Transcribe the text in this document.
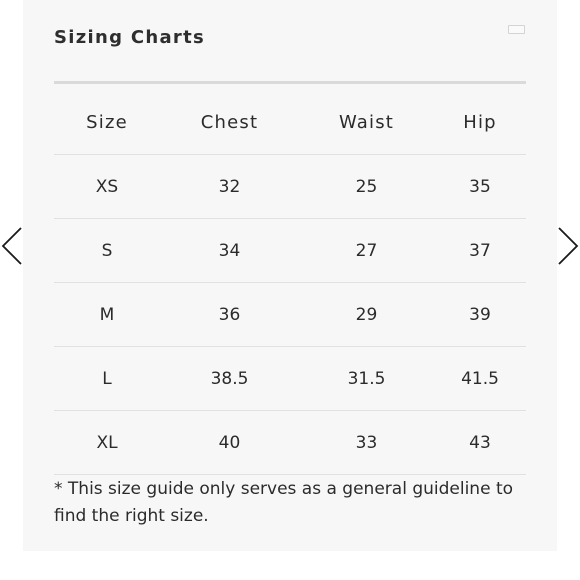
Sizing Charts
Size	Chest	Waist	Hip
XS	32	25	35
S	34	27	37
M	36	29	39
L	38.5	31.5	41.5
XL	40	33	43
* This size guide only serves as a general guideline to find the right size.
